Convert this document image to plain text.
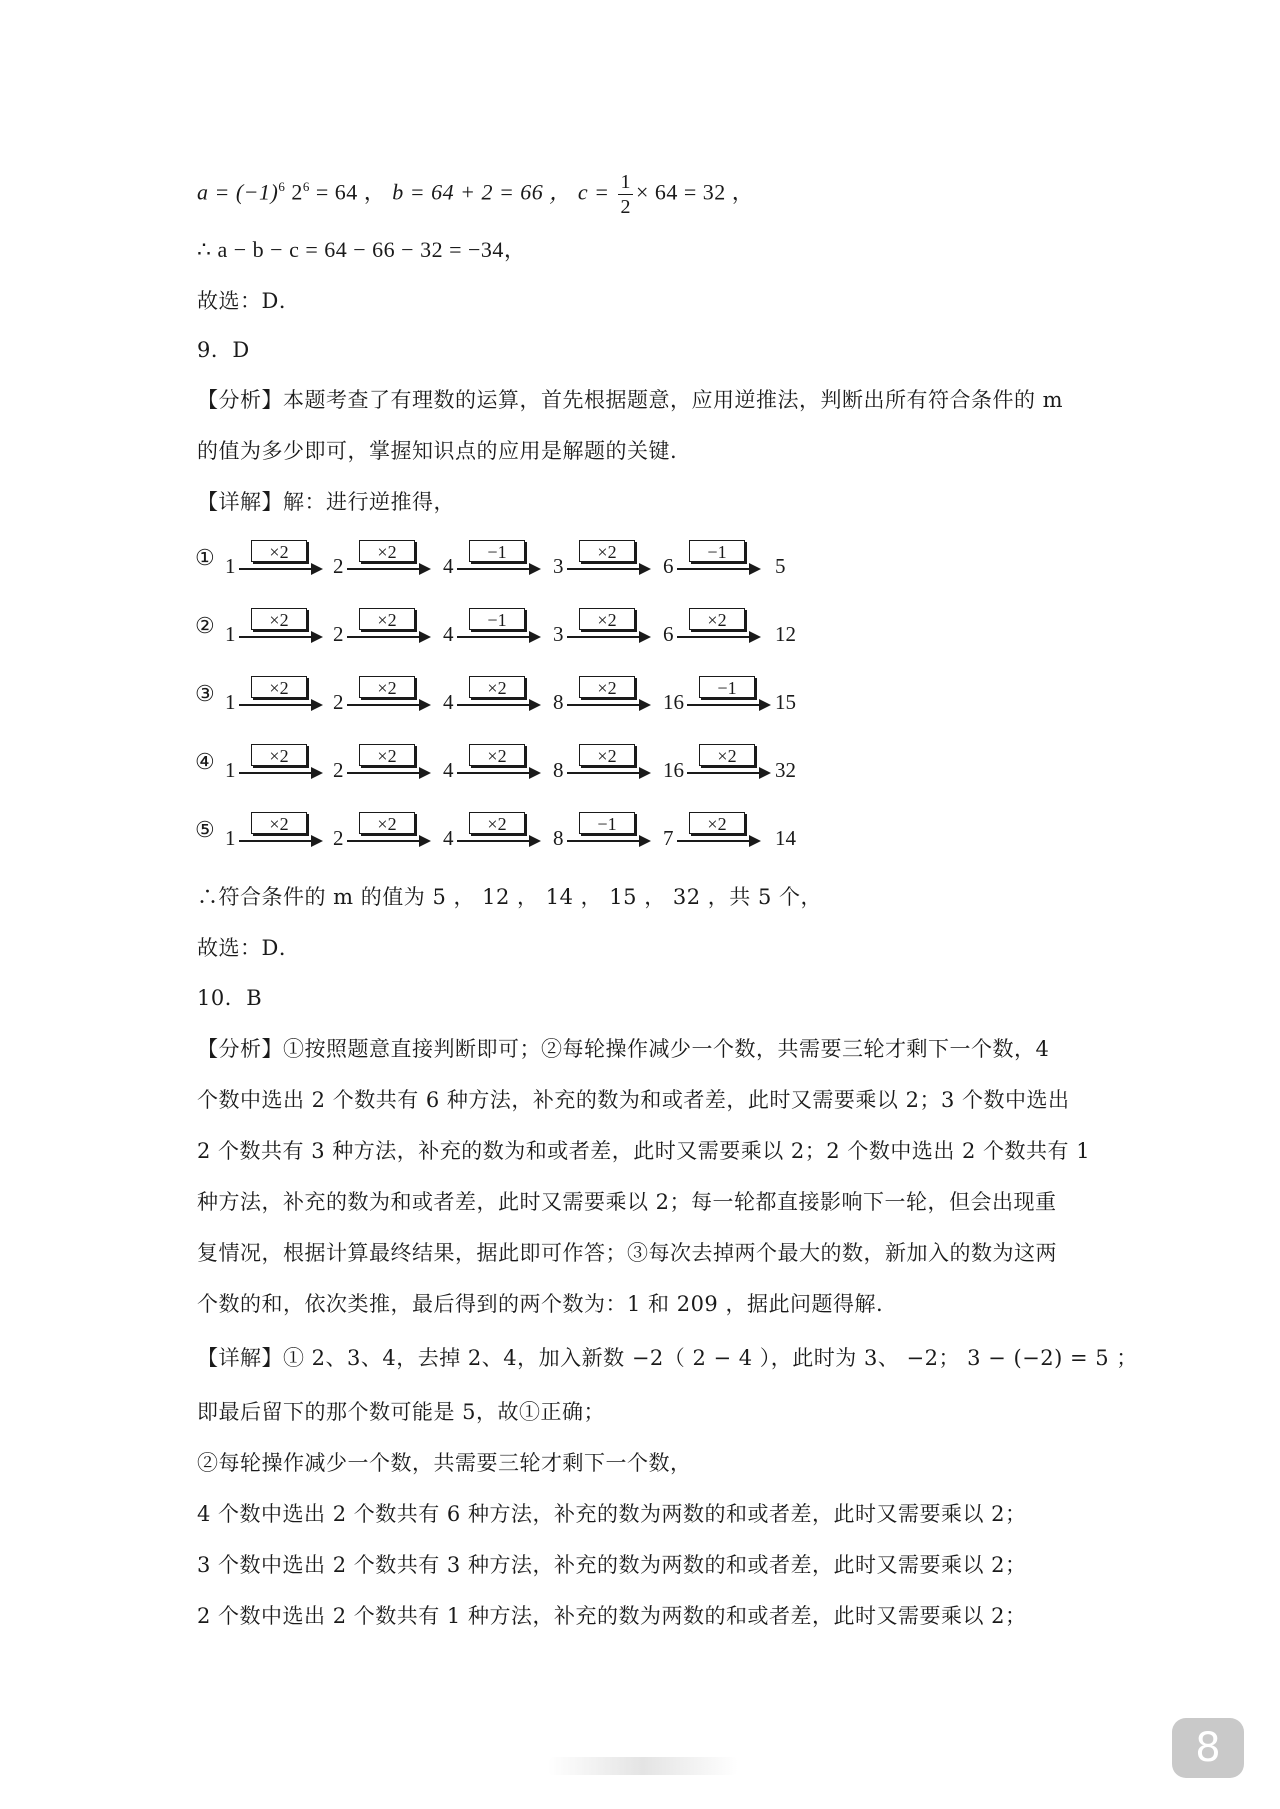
$a = (-1)^6$ $2^6 = 64$ ， b = 64 + 2 = 66 ， $c = \frac{1}{2} \times 64 = 32$ ，
∴ a − b − c = 64 − 66 − 32 = −34，
故选：D．
9．D
【分析】本题考查了有理数的运算，首先根据题意，应用逆推法，判断出所有符合条件的 m
的值为多少即可，掌握知识点的应用是解题的关键.
【详解】解：进行逆推得，
① 1
×2
2
×2
4
−1
3
×2
6
−1
5
② 1
×2
2
×2
4
−1
3
×2
6
×2
12
③ 1
×2
2
×2
4
×2
8
×2
16
−1
15
④ 1
×2
2
×2
4
×2
8
×2
16
×2
32
⑤ 1
×2
2
×2
4
×2
8
−1
7
×2
14
∴符合条件的 m 的值为 5 ， 12 ， 14 ， 15 ， 32 ，共 5 个，
故选：D．
10．B
【分析】①按照题意直接判断即可；②每轮操作减少一个数，共需要三轮才剩下一个数，4
个数中选出 2 个数共有 6 种方法，补充的数为和或者差，此时又需要乘以 2；3 个数中选出
2 个数共有 3 种方法，补充的数为和或者差，此时又需要乘以 2；2 个数中选出 2 个数共有 1
种方法，补充的数为和或者差，此时又需要乘以 2；每一轮都直接影响下一轮，但会出现重
复情况，根据计算最终结果，据此即可作答；③每次去掉两个最大的数，新加入的数为这两
个数的和，依次类推，最后得到的两个数为：1 和 209 ，据此问题得解.
【详解】① 2、3、4，去掉 2、4，加入新数 −2（ 2 − 4 ），此时为 3、 −2； 3 − (−2) = 5 ；
即最后留下的那个数可能是 5，故①正确；
②每轮操作减少一个数，共需要三轮才剩下一个数，
4 个数中选出 2 个数共有 6 种方法，补充的数为两数的和或者差，此时又需要乘以 2；
3 个数中选出 2 个数共有 3 种方法，补充的数为两数的和或者差，此时又需要乘以 2；
2 个数中选出 2 个数共有 1 种方法，补充的数为两数的和或者差，此时又需要乘以 2；
8
